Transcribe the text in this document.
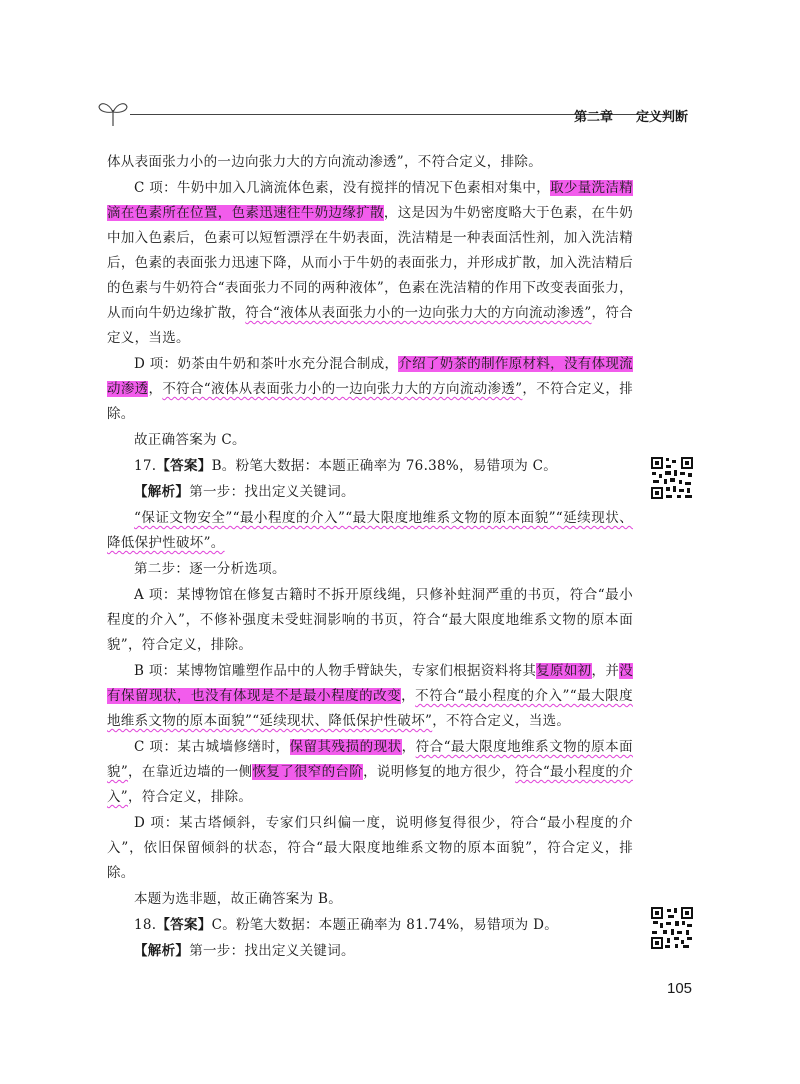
第二章 定义判断

体从表面张力小的一边向张力大的方向流动渗透”，不符合定义，排除。

C 项：牛奶中加入几滴流体色素，没有搅拌的情况下色素相对集中，取少量洗洁精滴在色素所在位置，色素迅速往牛奶边缘扩散，这是因为牛奶密度略大于色素，在牛奶中加入色素后，色素可以短暂漂浮在牛奶表面，洗洁精是一种表面活性剂，加入洗洁精后，色素的表面张力迅速下降，从而小于牛奶的表面张力，并形成扩散，加入洗洁精后的色素与牛奶符合“表面张力不同的两种液体”，色素在洗洁精的作用下改变表面张力，从而向牛奶边缘扩散，符合“液体从表面张力小的一边向张力大的方向流动渗透”，符合定义，当选。

D 项：奶茶由牛奶和茶叶水充分混合制成，介绍了奶茶的制作原材料，没有体现流动渗透，不符合“液体从表面张力小的一边向张力大的方向流动渗透”，不符合定义，排除。

故正确答案为 C。

17.【答案】B。粉笔大数据：本题正确率为 76.38%，易错项为 C。

【解析】第一步：找出定义关键词。

“保证文物安全”“最小程度的介入”“最大限度地维系文物的原本面貌”“延续现状、降低保护性破坏”。

第二步：逐一分析选项。

A 项：某博物馆在修复古籍时不拆开原线绳，只修补蛀洞严重的书页，符合“最小程度的介入”，不修补强度未受蛀洞影响的书页，符合“最大限度地维系文物的原本面貌”，符合定义，排除。

B 项：某博物馆雕塑作品中的人物手臂缺失，专家们根据资料将其复原如初，并没有保留现状，也没有体现是不是最小程度的改变，不符合“最小程度的介入”“最大限度地维系文物的原本面貌”“延续现状、降低保护性破坏”，不符合定义，当选。

C 项：某古城墙修缮时，保留其残损的现状，符合“最大限度地维系文物的原本面貌”，在靠近边墙的一侧恢复了很窄的台阶，说明修复的地方很少，符合“最小程度的介入”，符合定义，排除。

D 项：某古塔倾斜，专家们只纠偏一度，说明修复得很少，符合“最小程度的介入”，依旧保留倾斜的状态，符合“最大限度地维系文物的原本面貌”，符合定义，排除。

本题为选非题，故正确答案为 B。

18.【答案】C。粉笔大数据：本题正确率为 81.74%，易错项为 D。

【解析】第一步：找出定义关键词。

105
